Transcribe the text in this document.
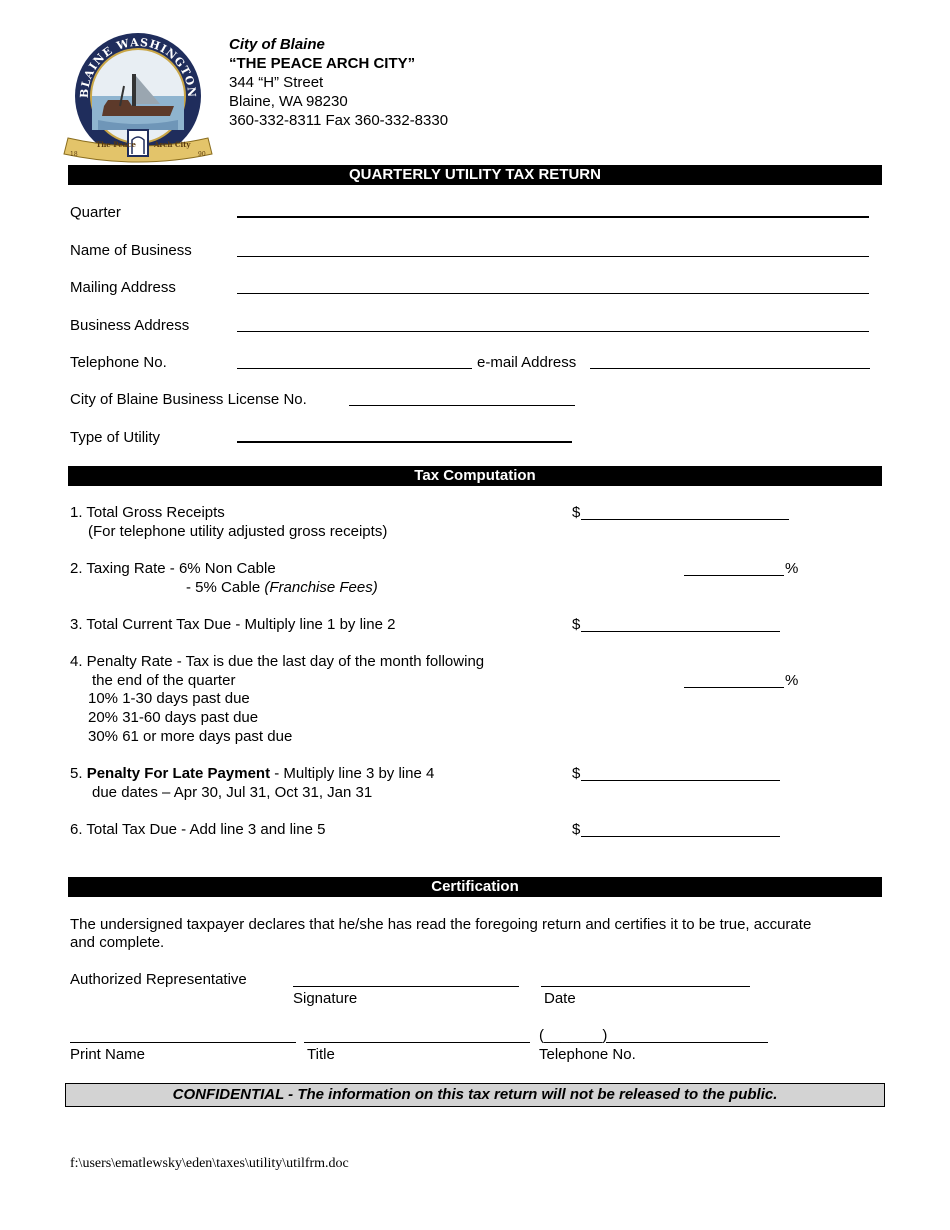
BLAINE WASHINGTON
The Peace	Arch City
18	90
City of Blaine
“THE PEACE ARCH CITY”
344 “H” Street
Blaine, WA 98230
360-332-8311 Fax 360-332-8330
QUARTERLY UTILITY TAX RETURN
Quarter
Name of Business
Mailing Address
Business Address
Telephone No.	e-mail Address
City of Blaine Business License No.
Type of Utility
Tax Computation
1. Total Gross Receipts
(For telephone utility adjusted gross receipts)
$
2. Taxing Rate - 6% Non Cable
- 5% Cable (Franchise Fees)
%
3. Total Current Tax Due - Multiply line 1 by line 2	$
4. Penalty Rate - Tax is due the last day of the month following
the end of the quarter
10% 1-30 days past due
20% 31-60 days past due
30% 61 or more days past due
%
5. Penalty For Late Payment - Multiply line 3 by line 4
due dates – Apr 30, Jul 31, Oct 31, Jan 31
$
6. Total Tax Due - Add line 3 and line 5	$
Certification
The undersigned taxpayer declares that he/she has read the foregoing return and certifies it to be true, accurate
and complete.
Authorized Representative
Signature	Date
(_______)
Print Name	Title	Telephone No.
CONFIDENTIAL - The information on this tax return will not be released to the public.
f:\users\ematlewsky\eden\taxes\utility\utilfrm.doc
